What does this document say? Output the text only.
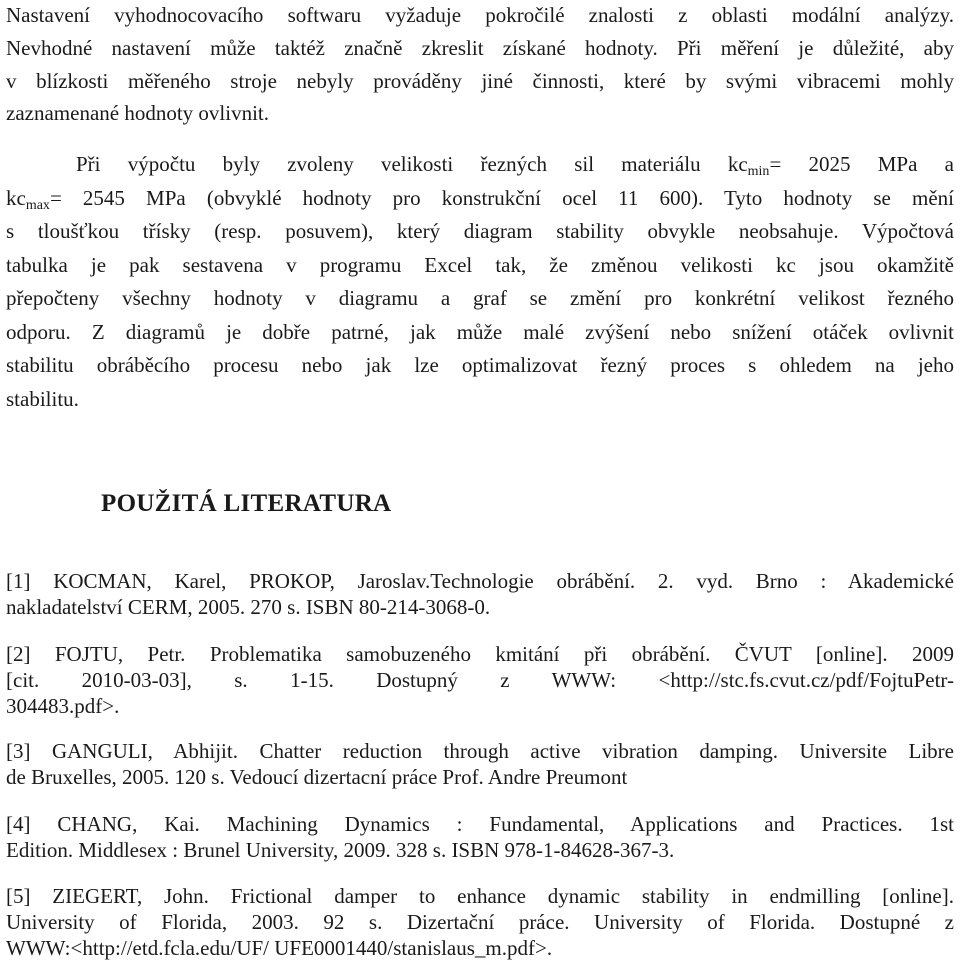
Nastavení vyhodnocovacího softwaru vyžaduje pokročilé znalosti z oblasti modální analýzy.
Nevhodné nastavení může taktéž značně zkreslit získané hodnoty. Při měření je důležité, aby
v blízkosti měřeného stroje nebyly prováděny jiné činnosti, které by svými vibracemi mohly
zaznamenané hodnoty ovlivnit.
Při výpočtu byly zvoleny velikosti řezných sil materiálu $kc_{min}= 2025$ MPa a
$kc_{max}= 2545$ MPa (obvyklé hodnoty pro konstrukční ocel 11 600). Tyto hodnoty se mění
s tloušťkou třísky (resp. posuvem), který diagram stability obvykle neobsahuje. Výpočtová
tabulka je pak sestavena v programu Excel tak, že změnou velikosti kc jsou okamžitě
přepočteny všechny hodnoty v diagramu a graf se změní pro konkrétní velikost řezného
odporu. Z diagramů je dobře patrné, jak může malé zvýšení nebo snížení otáček ovlivnit
stabilitu obráběcího procesu nebo jak lze optimalizovat řezný proces s ohledem na jeho
stabilitu.
POUŽITÁ LITERATURA
[1] KOCMAN, Karel, PROKOP, Jaroslav.Technologie obrábění. 2. vyd. Brno : Akademické
nakladatelství CERM, 2005. 270 s. ISBN 80-214-3068-0.
[2] FOJTU, Petr. Problematika samobuzeného kmitání při obrábění. ČVUT [online]. 2009
[cit. 2010-03-03], s. 1-15. Dostupný z WWW: <http://stc.fs.cvut.cz/pdf/FojtuPetr-
304483.pdf>.
[3] GANGULI, Abhijit. Chatter reduction through active vibration damping. Universite Libre
de Bruxelles, 2005. 120 s. Vedoucí dizertacní práce Prof. Andre Preumont
[4] CHANG, Kai. Machining Dynamics : Fundamental, Applications and Practices. 1st
Edition. Middlesex : Brunel University, 2009. 328 s. ISBN 978-1-84628-367-3.
[5] ZIEGERT, John. Frictional damper to enhance dynamic stability in endmilling [online].
University of Florida, 2003. 92 s. Dizertační práce. University of Florida. Dostupné z
WWW:<http://etd.fcla.edu/UF/ UFE0001440/stanislaus_m.pdf>.
